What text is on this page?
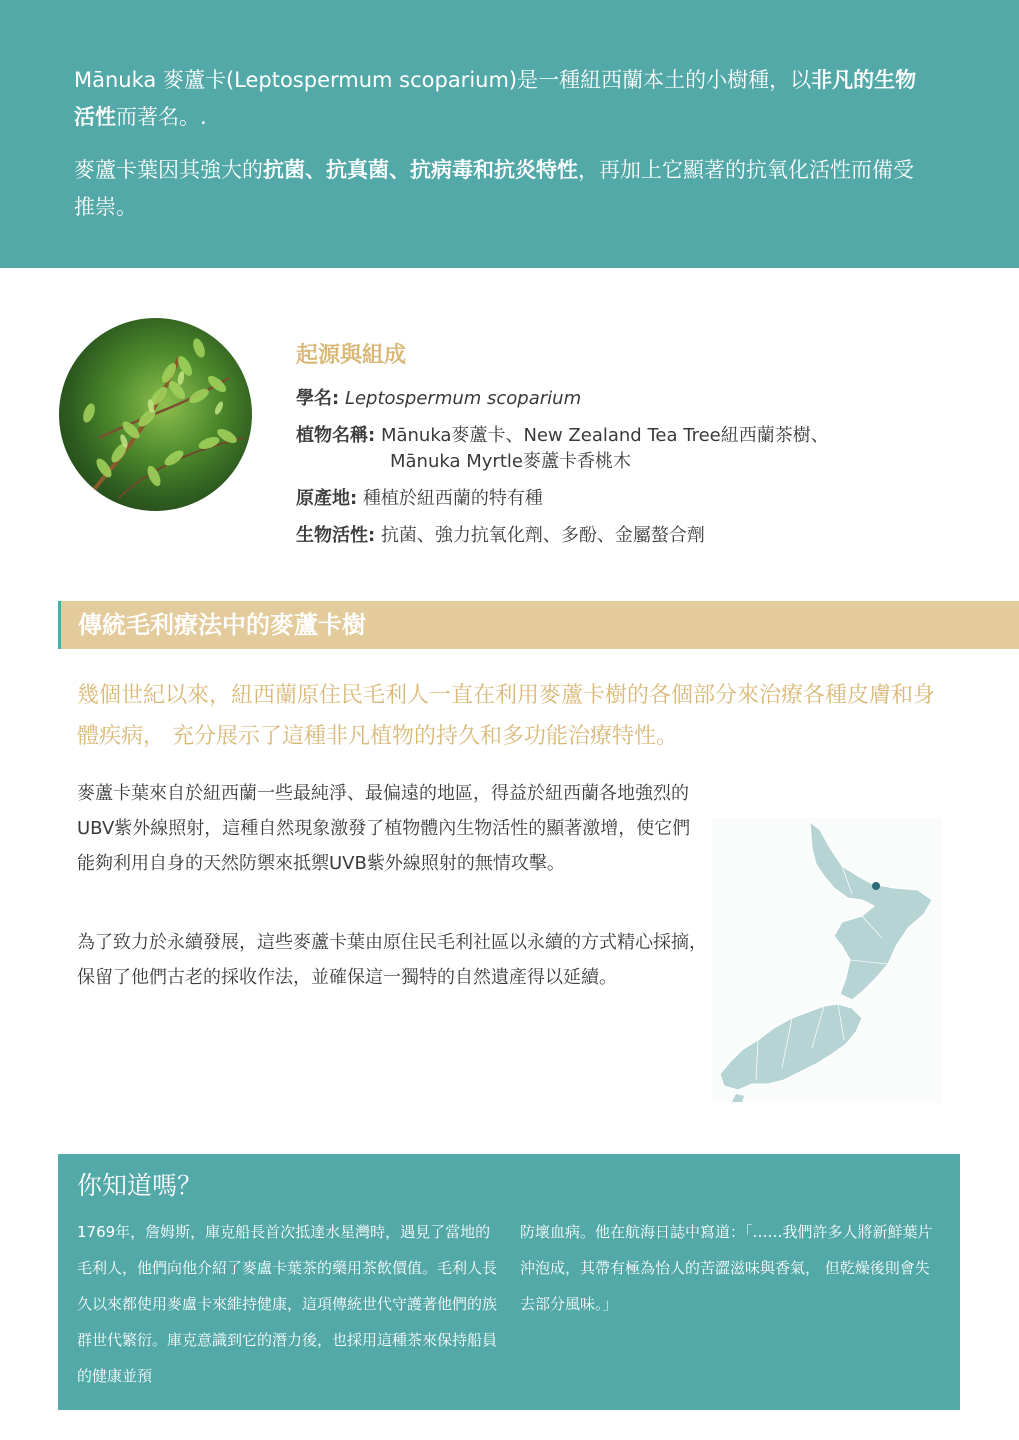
Mānuka 麥蘆卡(Leptospermum scoparium)是一種紐西蘭本土的小樹種，以非凡的生物活性而著名。.

麥蘆卡葉因其強大的抗菌、抗真菌、抗病毒和抗炎特性，再加上它顯著的抗氧化活性而備受推崇。

起源與組成
學名: Leptospermum scoparium
植物名稱: Mānuka麥蘆卡、New Zealand Tea Tree紐西蘭茶樹、
Mānuka Myrtle麥蘆卡香桃木
原產地: 種植於紐西蘭的特有種
生物活性: 抗菌、強力抗氧化劑、多酚、金屬螯合劑
傳統毛利療法中的麥蘆卡樹

幾個世紀以來，紐西蘭原住民毛利人一直在利用麥蘆卡樹的各個部分來治療各種皮膚和身體疾病， 充分展示了這種非凡植物的持久和多功能治療特性。

麥蘆卡葉來自於紐西蘭一些最純淨、最偏遠的地區，得益於紐西蘭各地強烈的UBV紫外線照射，這種自然現象激發了植物體內生物活性的顯著激增，使它們能夠利用自身的天然防禦來抵禦UVB紫外線照射的無情攻擊。

為了致力於永續發展，這些麥蘆卡葉由原住民毛利社區以永續的方式精心採摘， 保留了他們古老的採收作法，並確保這一獨特的自然遺產得以延續。

你知道嗎？

1769年，詹姆斯，庫克船長首次抵達水星灣時，遇見了當地的毛利人，他們向他介紹了麥盧卡葉茶的藥用茶飲價值。毛利人長久以來都使用麥盧卡來維持健康，這項傳統世代守護著他們的族群世代繁衍。庫克意識到它的潛力後，也採用這種茶來保持船員的健康並預

防壞血病。他在航海日誌中寫道：「……我們許多人將新鮮葉片沖泡成，其帶有極為怡人的苦澀滋味與香氣， 但乾燥後則會失去部分風味。」
